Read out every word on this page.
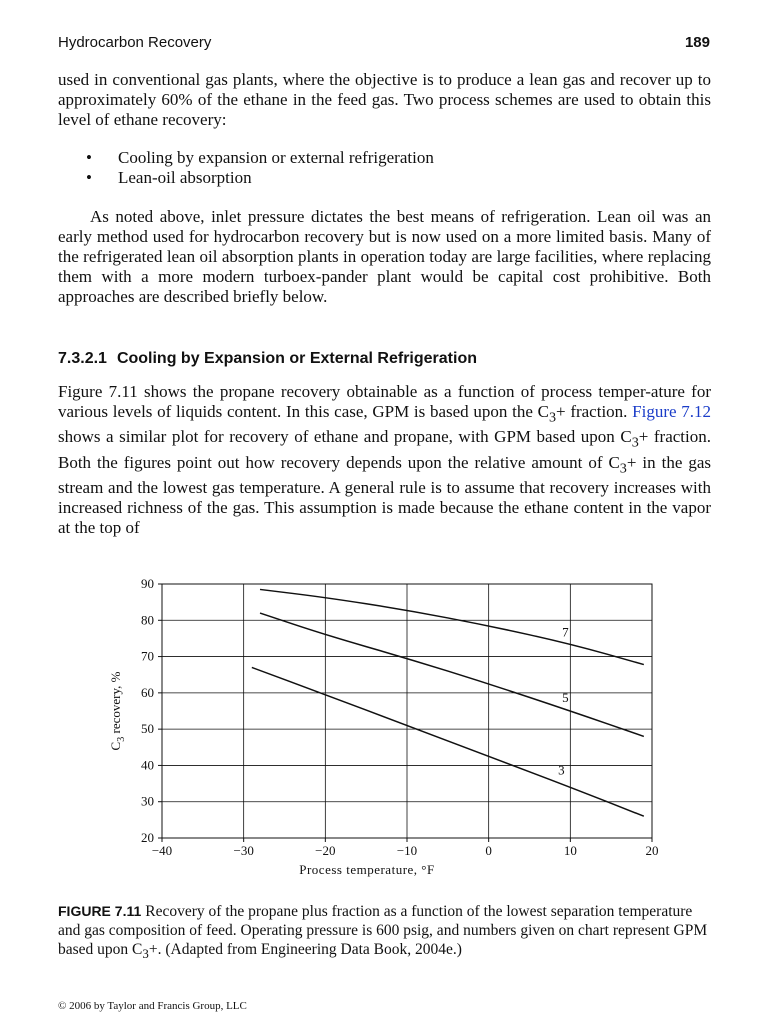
Hydrocarbon Recovery	189

used in conventional gas plants, where the objective is to produce a lean gas and recover up to approximately 60% of the ethane in the feed gas. Two process schemes are used to obtain this level of ethane recovery:

• Cooling by expansion or external refrigeration
• Lean-oil absorption

As noted above, inlet pressure dictates the best means of refrigeration. Lean oil was an early method used for hydrocarbon recovery but is now used on a more limited basis. Many of the refrigerated lean oil absorption plants in operation today are large facilities, where replacing them with a more modern turboex-pander plant would be capital cost prohibitive. Both approaches are described briefly below.

7.3.2.1 Cooling by Expansion or External Refrigeration

Figure 7.11 shows the propane recovery obtainable as a function of process temper-ature for various levels of liquids content. In this case, GPM is based upon the $C_3+$ fraction. Figure 7.12 shows a similar plot for recovery of ethane and propane, with GPM based upon $C_3+$ fraction. Both the figures point out how recovery depends upon the relative amount of $C_3+$ in the gas stream and the lowest gas temperature. A general rule is to assume that recovery increases with increased richness of the gas. This assumption is made because the ethane content in the vapor at the top of

−40	−30	−20	−10	0	10	20
20
30
40
50
60
70
80
90
Process temperature, °F
$C_3$ recovery, %
7
5
3

FIGURE 7.11 Recovery of the propane plus fraction as a function of the lowest separation temperature and gas composition of feed. Operating pressure is 600 psig, and numbers given on chart represent GPM based upon $C_3+$. (Adapted from Engineering Data Book, 2004e.)

© 2006 by Taylor and Francis Group, LLC
